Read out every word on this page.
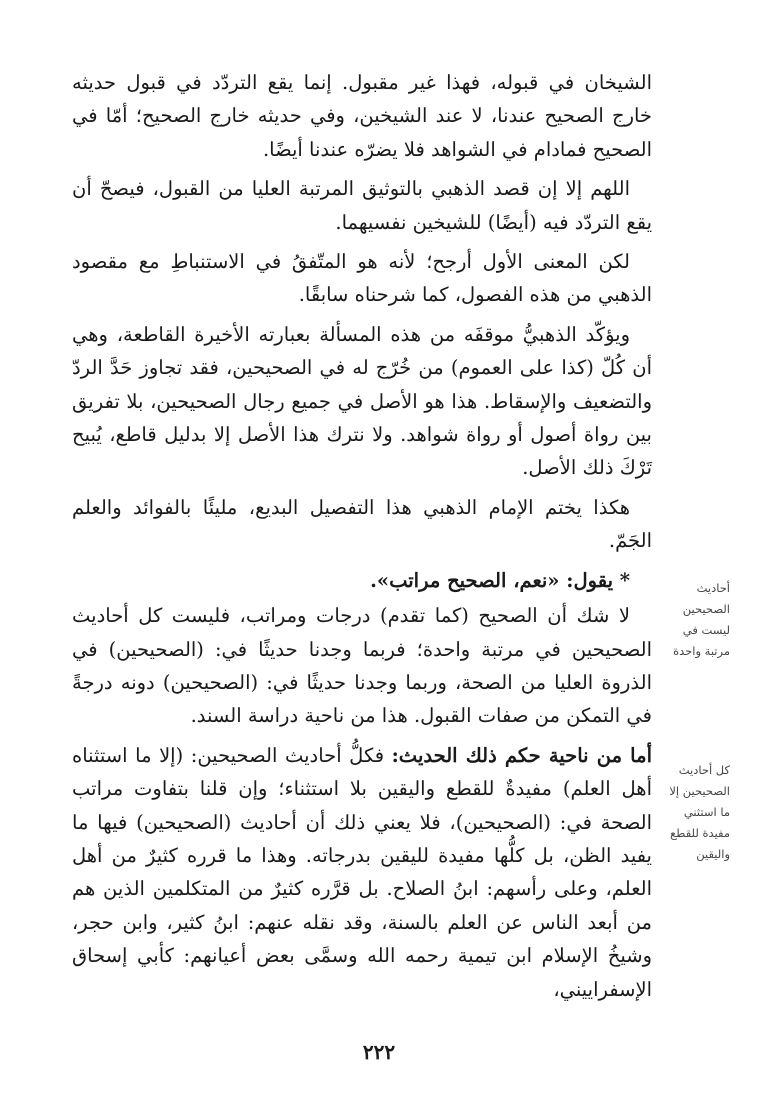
الشيخان في قبوله، فهذا غير مقبول. إنما يقع التردّد في قبول حديثه خارج الصحيح عندنا، لا عند الشيخين، وفي حديثه خارج الصحيح؛ أمّا في الصحيح فمادام في الشواهد فلا يضرّه عندنا أيضًا.

اللهم إلا إن قصد الذهبي بالتوثيق المرتبة العليا من القبول، فيصحّ أن يقع التردّد فيه (أيضًا) للشيخين نفسيهما.

لكن المعنى الأول أرجح؛ لأنه هو المتّفقُ في الاستنباطِ مع مقصود الذهبي من هذه الفصول، كما شرحناه سابقًا.

ويؤكّد الذهبيُّ موقفَه من هذه المسألة بعبارته الأخيرة القاطعة، وهي أن كُلّ (كذا على العموم) من خُرّج له في الصحيحين، فقد تجاوز حَدَّ الردّ والتضعيف والإسقاط. هذا هو الأصل في جميع رجال الصحيحين، بلا تفريق بين رواة أصول أو رواة شواهد. ولا نترك هذا الأصل إلا بدليل قاطع، يُبيح تَرْكَ ذلك الأصل.

هكذا يختم الإمام الذهبي هذا التفصيل البديع، مليئًا بالفوائد والعلم الجَمّ.

* يقول: «نعم، الصحيح مراتب».

لا شك أن الصحيح (كما تقدم) درجات ومراتب، فليست كل أحاديث الصحيحين في مرتبة واحدة؛ فربما وجدنا حديثًا في: (الصحيحين) في الذروة العليا من الصحة، وربما وجدنا حديثًا في: (الصحيحين) دونه درجةً في التمكن من صفات القبول. هذا من ناحية دراسة السند.

أما من ناحية حكم ذلك الحديث: فكلُّ أحاديث الصحيحين: (إلا ما استثناه أهل العلم) مفيدةٌ للقطع واليقين بلا استثناء؛ وإن قلنا بتفاوت مراتب الصحة في: (الصحيحين)، فلا يعني ذلك أن أحاديث (الصحيحين) فيها ما يفيد الظن، بل كلُّها مفيدة لليقين بدرجاته. وهذا ما قرره كثيرٌ من أهل العلم، وعلى رأسهم: ابنُ الصلاح. بل قرَّره كثيرٌ من المتكلمين الذين هم من أبعد الناس عن العلم بالسنة، وقد نقله عنهم: ابنُ كثير، وابن حجر، وشيخُ الإسلام ابن تيمية رحمه الله وسمَّى بعض أعيانهم: كأبي إسحاق الإسفراييني،

أحاديث الصحيحين ليست في مرتبة واحدة
كل أحاديث الصحيحين إلا ما استثني مفيدة للقطع واليقين
٢٢٢
